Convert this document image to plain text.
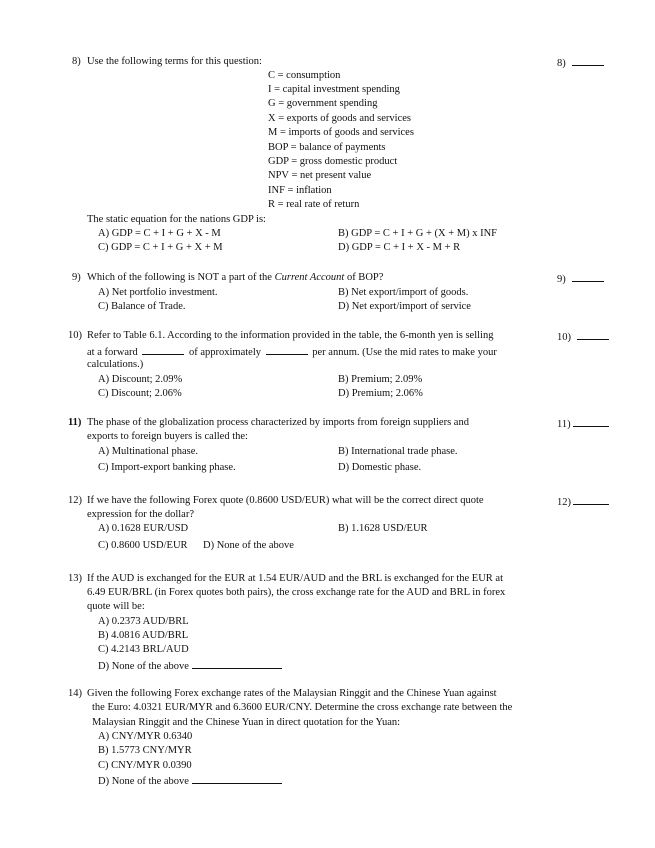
8) Use the following terms for this question:	8)
C = consumption
I = capital investment spending
G = government spending
X = exports of goods and services
M = imports of goods and services
BOP = balance of payments
GDP = gross domestic product
NPV = net present value
INF = inflation
R = real rate of return
The static equation for the nations GDP is:
A) GDP = C + I + G + X - M	B) GDP = C + I + G + (X + M) x INF
C) GDP = C + I + G + X + M	D) GDP = C + I + X - M + R
9) Which of the following is NOT a part of the Current Account of BOP?	9)
A) Net portfolio investment.	B) Net export/import of goods.
C) Balance of Trade.	D) Net export/import of service
10) Refer to Table 6.1. According to the information provided in the table, the 6-month yen is selling	10)
at a forward	of approximately	per annum. (Use the mid rates to make your
calculations.)
A) Discount; 2.09%	B) Premium; 2.09%
C) Discount; 2.06%	D) Premium; 2.06%
11) The phase of the globalization process characterized by imports from foreign suppliers and	11)
exports to foreign buyers is called the:
A) Multinational phase.	B) International trade phase.
C) Import-export banking phase.	D) Domestic phase.
12) If we have the following Forex quote (0.8600 USD/EUR) what will be the correct direct quote	12)
expression for the dollar?
A) 0.1628 EUR/USD	B) 1.1628 USD/EUR
C) 0.8600 USD/EUR D) None of the above
13) If the AUD is exchanged for the EUR at 1.54 EUR/AUD and the BRL is exchanged for the EUR at
6.49 EUR/BRL (in Forex quotes both pairs), the cross exchange rate for the AUD and BRL in forex
quote will be:
A) 0.2373 AUD/BRL
B) 4.0816 AUD/BRL
C) 4.2143 BRL/AUD
D) None of the above
14) Given the following Forex exchange rates of the Malaysian Ringgit and the Chinese Yuan against
the Euro: 4.0321 EUR/MYR and 6.3600 EUR/CNY. Determine the cross exchange rate between the
Malaysian Ringgit and the Chinese Yuan in direct quotation for the Yuan:
A) CNY/MYR 0.6340
B) 1.5773 CNY/MYR
C) CNY/MYR 0.0390
D) None of the above
